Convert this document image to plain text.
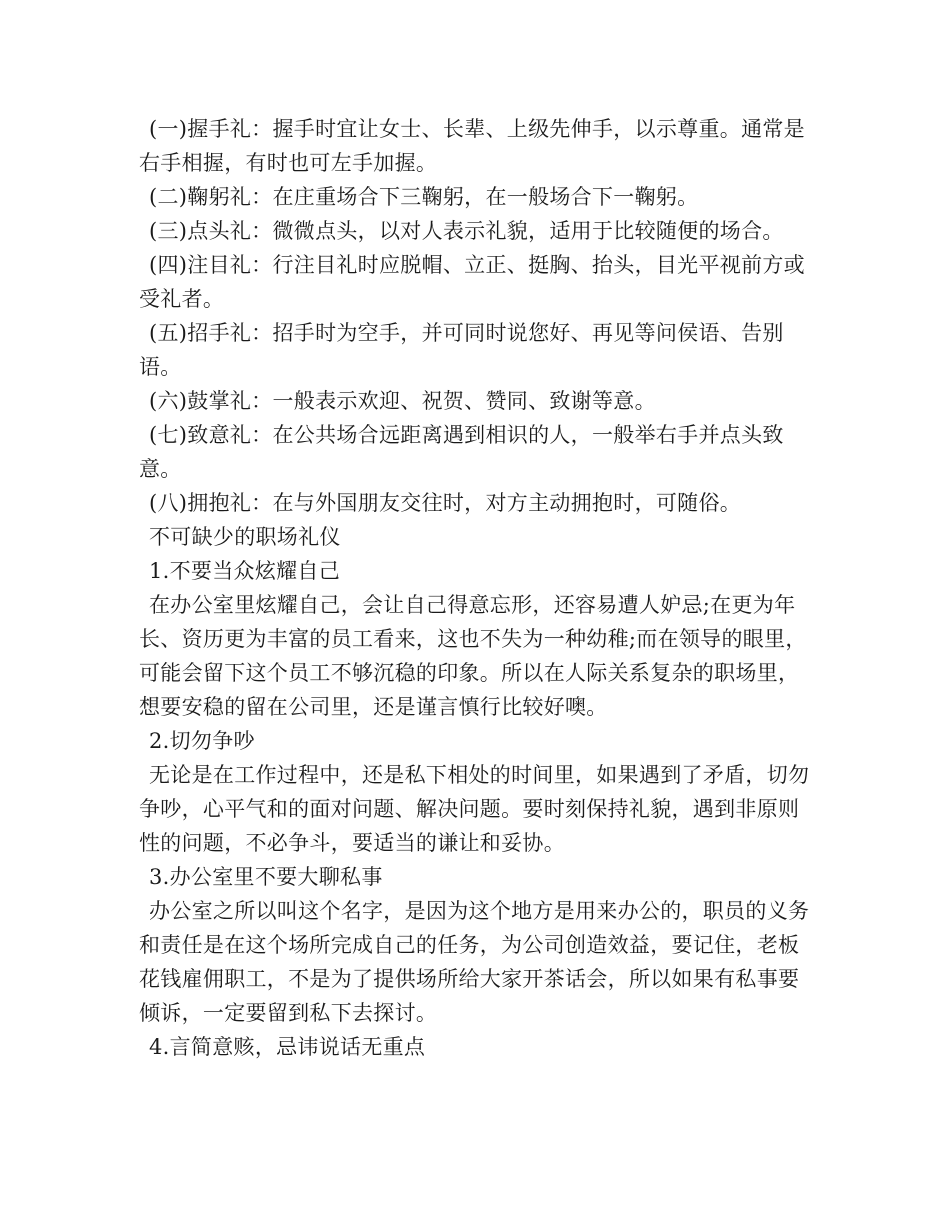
(一)握手礼：握手时宜让女士、长辈、上级先伸手，以示尊重。通常是右手相握，有时也可左手加握。

(二)鞠躬礼：在庄重场合下三鞠躬，在一般场合下一鞠躬。

(三)点头礼：微微点头，以对人表示礼貌，适用于比较随便的场合。

(四)注目礼：行注目礼时应脱帽、立正、挺胸、抬头，目光平视前方或受礼者。

(五)招手礼：招手时为空手，并可同时说您好、再见等问侯语、告别语。

(六)鼓掌礼：一般表示欢迎、祝贺、赞同、致谢等意。

(七)致意礼：在公共场合远距离遇到相识的人，一般举右手并点头致意。

(八)拥抱礼：在与外国朋友交往时，对方主动拥抱时，可随俗。

不可缺少的职场礼仪

1.不要当众炫耀自己

在办公室里炫耀自己，会让自己得意忘形，还容易遭人妒忌;在更为年长、资历更为丰富的员工看来，这也不失为一种幼稚;而在领导的眼里，可能会留下这个员工不够沉稳的印象。所以在人际关系复杂的职场里，想要安稳的留在公司里，还是谨言慎行比较好噢。

2.切勿争吵

无论是在工作过程中，还是私下相处的时间里，如果遇到了矛盾，切勿争吵，心平气和的面对问题、解决问题。要时刻保持礼貌，遇到非原则性的问题，不必争斗，要适当的谦让和妥协。

3.办公室里不要大聊私事

办公室之所以叫这个名字，是因为这个地方是用来办公的，职员的义务和责任是在这个场所完成自己的任务，为公司创造效益，要记住，老板花钱雇佣职工，不是为了提供场所给大家开茶话会，所以如果有私事要倾诉，一定要留到私下去探讨。

4.言简意赅，忌讳说话无重点
